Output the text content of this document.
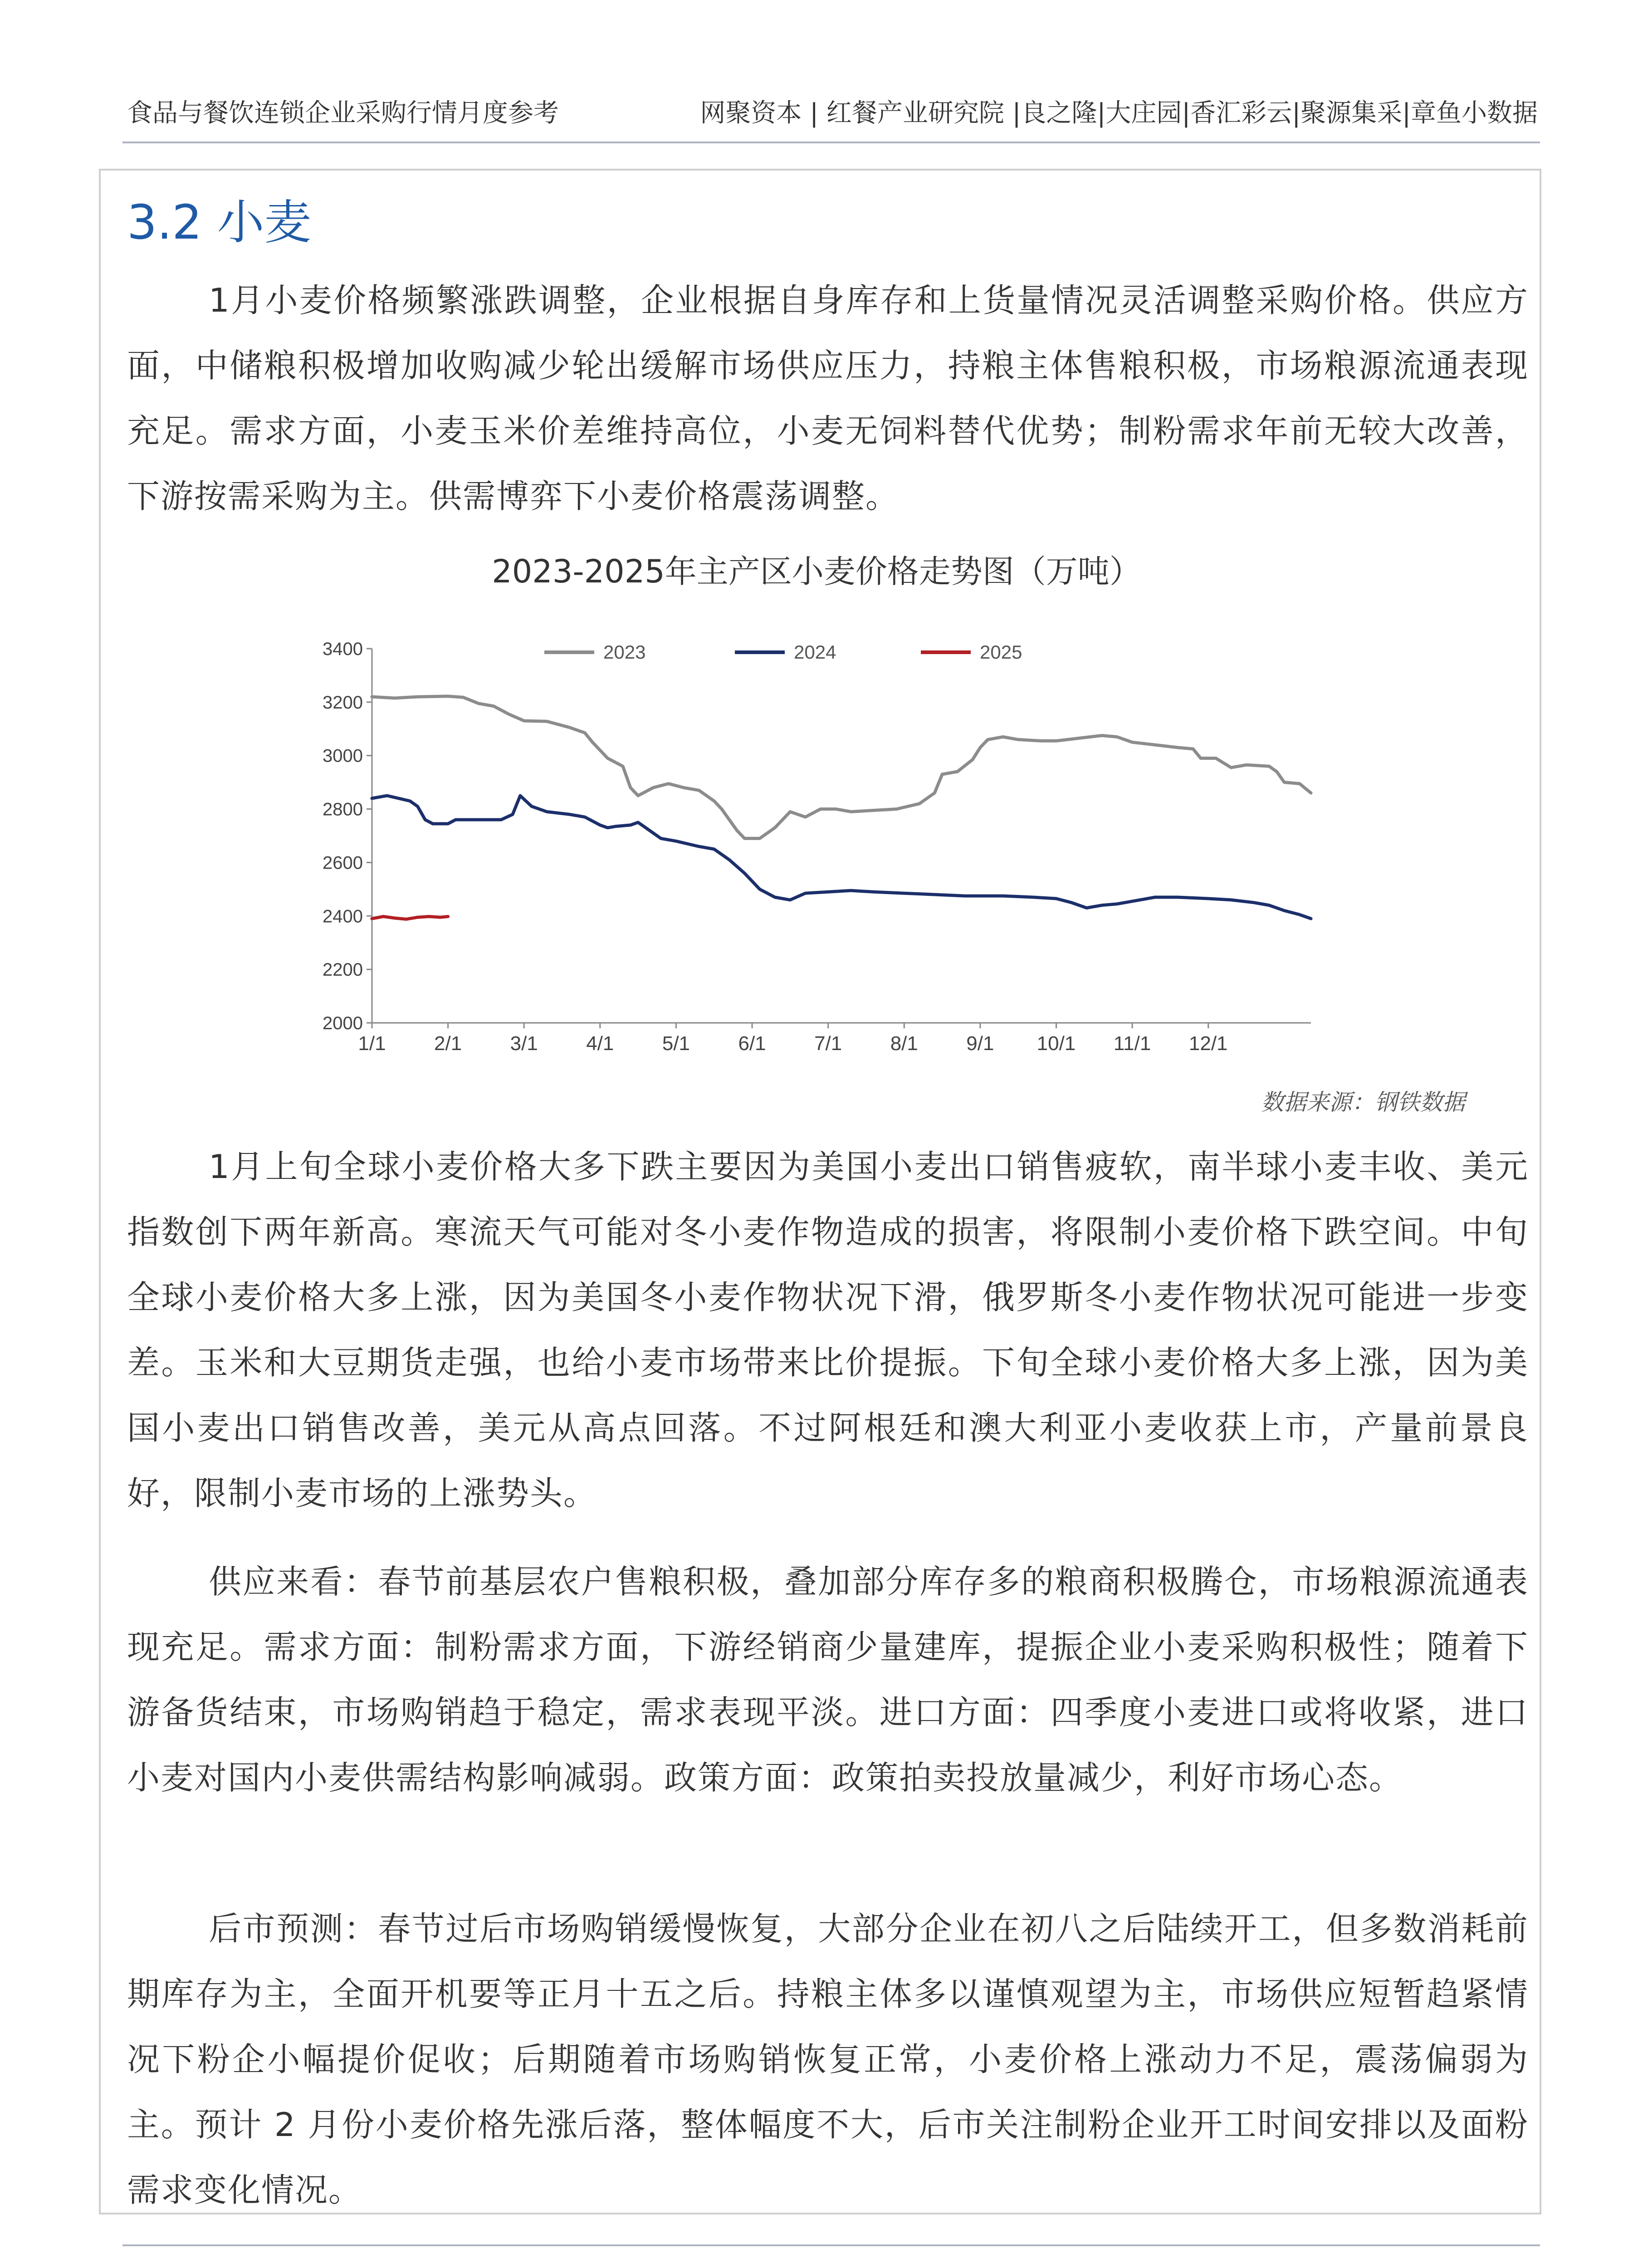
食品与餐饮连锁企业采购行情月度参考	网聚资本 | 红餐产业研究院 |良之隆|大庄园|香汇彩云|聚源集采|章鱼小数据
3.2 小麦

1月小麦价格频繁涨跌调整，企业根据自身库存和上货量情况灵活调整采购价格。供应方面，中储粮积极增加收购减少轮出缓解市场供应压力，持粮主体售粮积极，市场粮源流通表现充足。需求方面，小麦玉米价差维持高位，小麦无饲料替代优势；制粉需求年前无较大改善，下游按需采购为主。供需博弈下小麦价格震荡调整。

2023-2025年主产区小麦价格走势图（万吨）
2000
2200
2400
2600
2800
3000
3200
3400
1/1 2/1 3/1 4/1 5/1 6/1 7/1 8/1 9/1 10/1 11/1 12/1
2023	2024	2025
数据来源：钢铁数据

1月上旬全球小麦价格大多下跌主要因为美国小麦出口销售疲软，南半球小麦丰收、美元指数创下两年新高。寒流天气可能对冬小麦作物造成的损害，将限制小麦价格下跌空间。中旬全球小麦价格大多上涨，因为美国冬小麦作物状况下滑，俄罗斯冬小麦作物状况可能进一步变差。玉米和大豆期货走强，也给小麦市场带来比价提振。下旬全球小麦价格大多上涨，因为美国小麦出口销售改善，美元从高点回落。不过阿根廷和澳大利亚小麦收获上市，产量前景良好，限制小麦市场的上涨势头。

供应来看：春节前基层农户售粮积极，叠加部分库存多的粮商积极腾仓，市场粮源流通表现充足。需求方面：制粉需求方面，下游经销商少量建库，提振企业小麦采购积极性；随着下游备货结束，市场购销趋于稳定，需求表现平淡。进口方面：四季度小麦进口或将收紧，进口小麦对国内小麦供需结构影响减弱。政策方面：政策拍卖投放量减少，利好市场心态。

后市预测：春节过后市场购销缓慢恢复，大部分企业在初八之后陆续开工，但多数消耗前期库存为主，全面开机要等正月十五之后。持粮主体多以谨慎观望为主，市场供应短暂趋紧情况下粉企小幅提价促收；后期随着市场购销恢复正常，小麦价格上涨动力不足，震荡偏弱为主。预计 2 月份小麦价格先涨后落，整体幅度不大，后市关注制粉企业开工时间安排以及面粉需求变化情况。
